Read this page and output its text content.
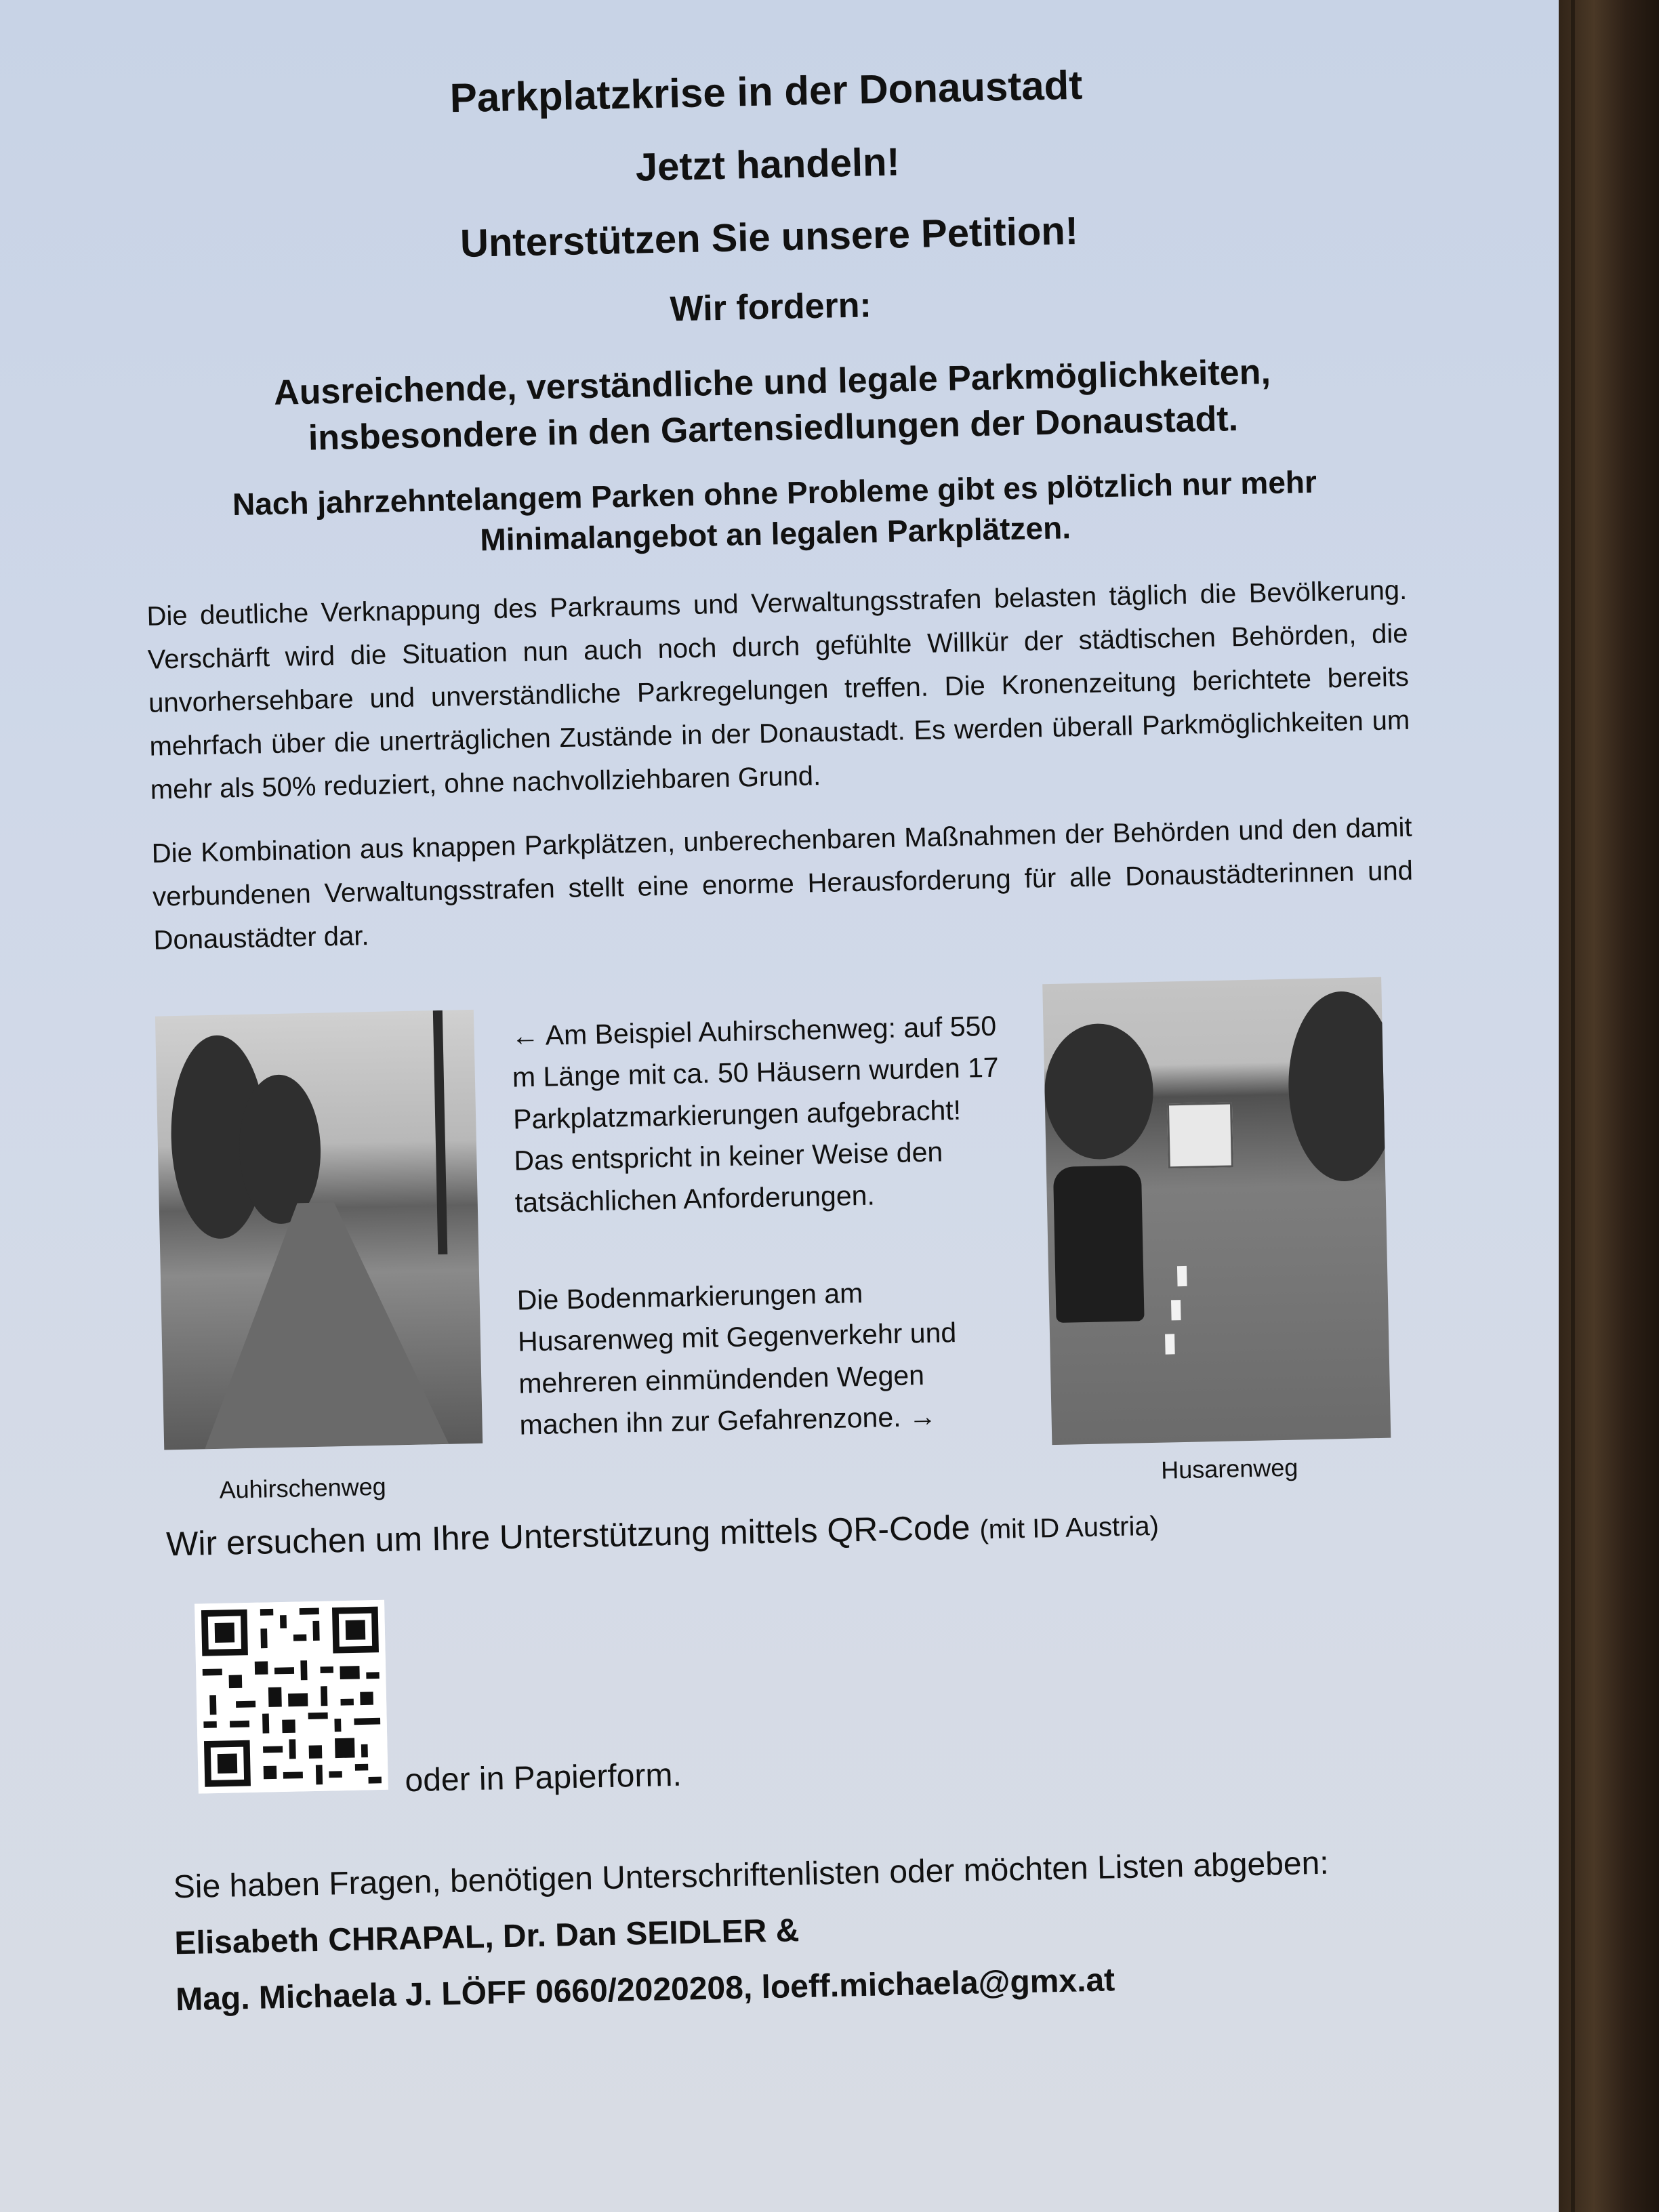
Parkplatzkrise in der Donaustadt

Jetzt handeln!

Unterstützen Sie unsere Petition!

Wir fordern:

Ausreichende, verständliche und legale Parkmöglichkeiten,
insbesondere in den Gartensiedlungen der Donaustadt.
Nach jahrzehntelangem Parken ohne Probleme gibt es plötzlich nur mehr
Minimalangebot an legalen Parkplätzen.

Die deutliche Verknappung des Parkraums und Verwaltungsstrafen belasten täglich die Bevölkerung. Verschärft wird die Situation nun auch noch durch gefühlte Willkür der städtischen Behörden, die unvorhersehbare und unverständliche Parkregelungen treffen. Die Kronenzeitung berichtete bereits mehrfach über die unerträglichen Zustände in der Donaustadt. Es werden überall Parkmöglichkeiten um mehr als 50% reduziert, ohne nachvollziehbaren Grund.

Die Kombination aus knappen Parkplätzen, unberechenbaren Maßnahmen der Behörden und den damit verbundenen Verwaltungsstrafen stellt eine enorme Herausforderung für alle Donaustädterinnen und Donaustädter dar.

← Am Beispiel Auhirschenweg: auf 550 m Länge mit ca. 50 Häusern wurden 17 Parkplatzmarkierungen aufgebracht! Das entspricht in keiner Weise den tatsächlichen Anforderungen.
Die Bodenmarkierungen am Husarenweg mit Gegenverkehr und mehreren einmündenden Wegen machen ihn zur Gefahrenzone. →
Auhirschenweg
Husarenweg
Wir ersuchen um Ihre Unterstützung mittels QR-Code (mit ID Austria)
oder in Papierform.
Sie haben Fragen, benötigen Unterschriftenlisten oder möchten Listen abgeben:
Elisabeth CHRAPAL, Dr. Dan SEIDLER &
Mag. Michaela J. LÖFF 0660/2020208, loeff.michaela@gmx.at
